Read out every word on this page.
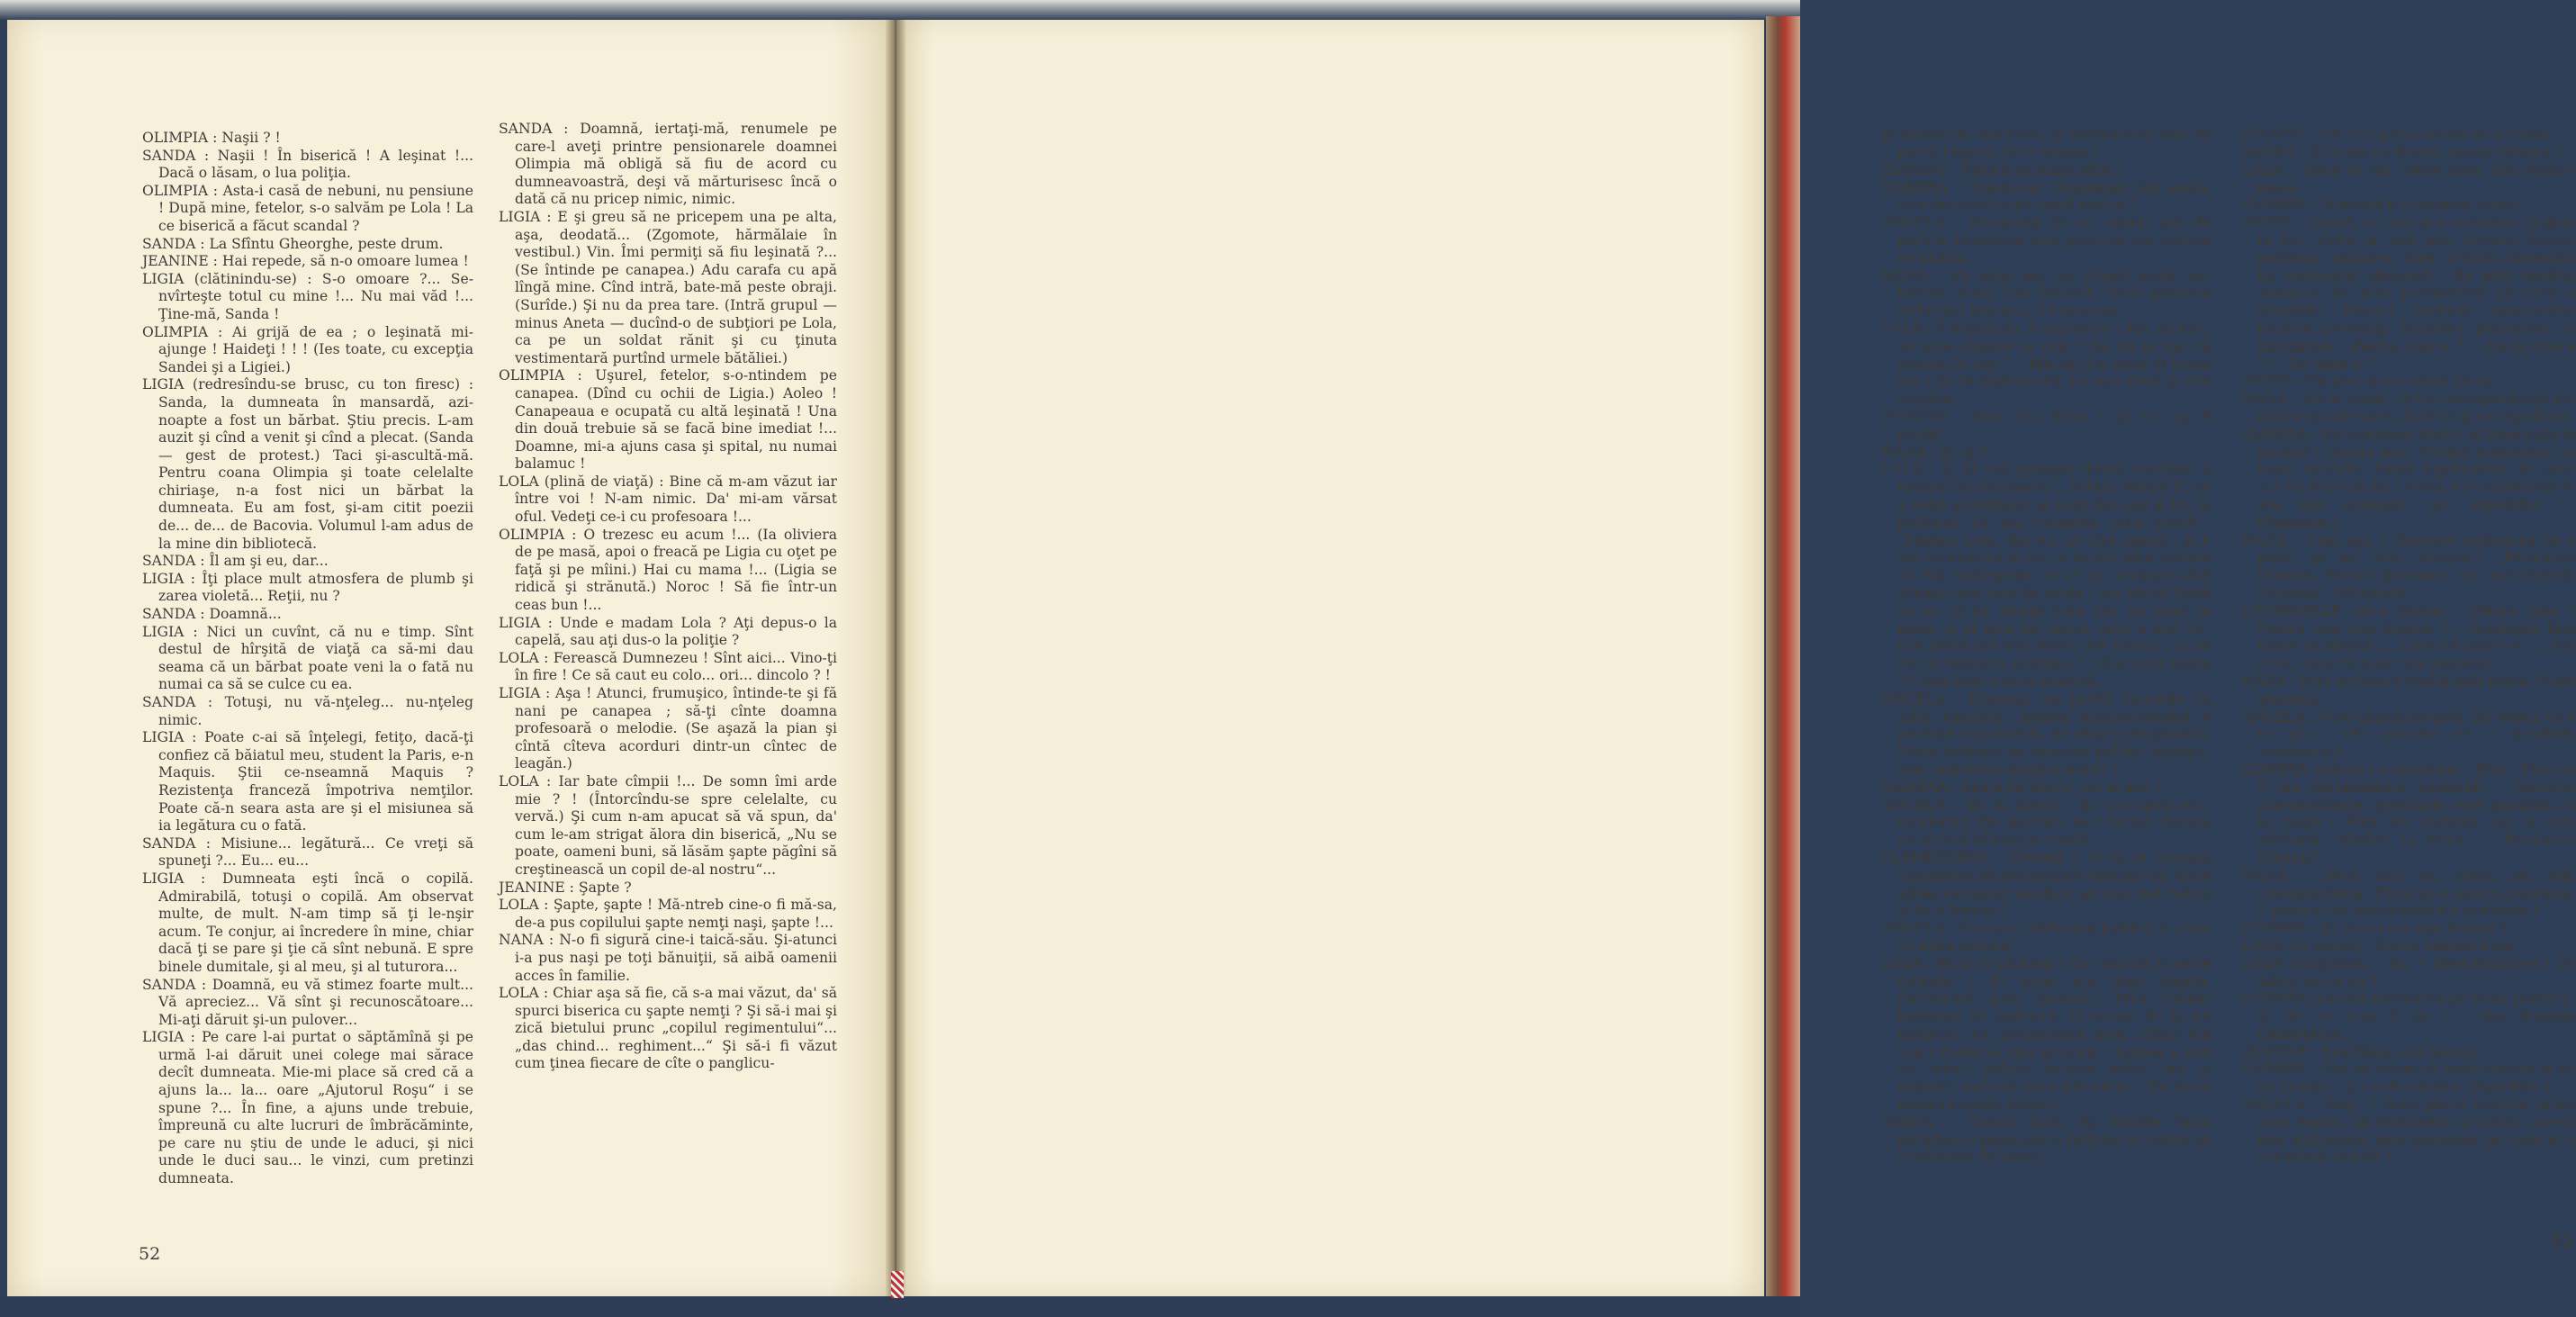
OLIMPIA : Naşii ? !

SANDA : Naşii ! În biserică ! A leşinat !... Dacă o lăsam, o lua poliţia.

OLIMPIA : Asta-i casă de nebuni, nu pensiune ! După mine, fetelor, s-o salvăm pe Lola ! La ce biserică a făcut scandal ?

SANDA : La Sfîntu Gheorghe, peste drum.

JEANINE : Hai repede, să n-o omoare lumea !

LIGIA (clătinindu-se) : S-o omoare ?... Se-nvîrteşte totul cu mine !... Nu mai văd !... Ţine-mă, Sanda !

OLIMPIA : Ai grijă de ea ; o leşinată mi-ajunge ! Haideţi ! ! ! (Ies toate, cu excepţia Sandei şi a Ligiei.)

LIGIA (redresîndu-se brusc, cu ton firesc) : Sanda, la dumneata în mansardă, azi-noapte a fost un bărbat. Ştiu precis. L-am auzit şi cînd a venit şi cînd a plecat. (Sanda — gest de protest.) Taci şi-ascultă-mă. Pentru coana Olimpia şi toate celelalte chiriaşe, n-a fost nici un bărbat la dumneata. Eu am fost, şi-am citit poezii de... de... de Bacovia. Volumul l-am adus de la mine din bibliotecă.

SANDA : Îl am şi eu, dar...

LIGIA : Îţi place mult atmosfera de plumb şi zarea violetă... Reţii, nu ?

SANDA : Doamnă...

LIGIA : Nici un cuvînt, că nu e timp. Sînt destul de hîrşită de viaţă ca să-mi dau seama că un bărbat poate veni la o fată nu numai ca să se culce cu ea.

SANDA : Totuşi, nu vă-nţeleg... nu-nţeleg nimic.

LIGIA : Poate c-ai să înţelegi, fetiţo, dacă-ţi confiez că băiatul meu, student la Paris, e-n Maquis. Ştii ce-nseamnă Maquis ? Rezistenţa franceză împotriva nemţilor. Poate că-n seara asta are şi el misiunea să ia legătura cu o fată.

SANDA : Misiune... legătură... Ce vreţi să spuneţi ?... Eu... eu...

LIGIA : Dumneata eşti încă o copilă. Admirabilă, totuşi o copilă. Am observat multe, de mult. N-am timp să ţi le-nşir acum. Te conjur, ai încredere în mine, chiar dacă ţi se pare şi ţie că sînt nebună. E spre binele dumitale, şi al meu, şi al tuturora...

SANDA : Doamnă, eu vă stimez foarte mult... Vă apreciez... Vă sînt şi recunoscătoare... Mi-aţi dăruit şi-un pulover...

LIGIA : Pe care l-ai purtat o săptămînă şi pe urmă l-ai dăruit unei colege mai sărace decît dumneata. Mie-mi place să cred că a ajuns la... la... oare „Ajutorul Roşu“ i se spune ?... În fine, a ajuns unde trebuie, împreună cu alte lucruri de îmbrăcăminte, pe care nu ştiu de unde le aduci, şi nici unde le duci sau... le vinzi, cum pretinzi dumneata.

SANDA : Doamnă, iertaţi-mă, renumele pe care-l aveţi printre pensionarele doamnei Olimpia mă obligă să fiu de acord cu dumneavoastră, deşi vă mărturisesc încă o dată că nu pricep nimic, nimic.

LIGIA : E şi greu să ne pricepem una pe alta, aşa, deodată... (Zgomote, hărmălaie în vestibul.) Vin. Îmi permiţi să fiu leşinată ?... (Se întinde pe canapea.) Adu carafa cu apă lîngă mine. Cînd intră, bate-mă peste obraji. (Surîde.) Şi nu da prea tare. (Intră grupul — minus Aneta — ducînd-o de subţiori pe Lola, ca pe un soldat rănit şi cu ţinuta vestimentară purtînd urmele bătăliei.)

OLIMPIA : Uşurel, fetelor, s-o-ntindem pe canapea. (Dînd cu ochii de Ligia.) Aoleo ! Canapeaua e ocupată cu altă leşinată ! Una din două trebuie să se facă bine imediat !... Doamne, mi-a ajuns casa şi spital, nu numai balamuc !

LOLA (plină de viaţă) : Bine că m-am văzut iar între voi ! N-am nimic. Da' mi-am vărsat oful. Vedeţi ce-i cu profesoara !...

OLIMPIA : O trezesc eu acum !... (Ia oliviera de pe masă, apoi o freacă pe Ligia cu oţet pe faţă şi pe mîini.) Hai cu mama !... (Ligia se ridică şi strănută.) Noroc ! Să fie într-un ceas bun !...

LIGIA : Unde e madam Lola ? Aţi depus-o la capelă, sau aţi dus-o la poliţie ?

LOLA : Ferească Dumnezeu ! Sînt aici... Vino-ţi în fire ! Ce să caut eu colo... ori... dincolo ? !

LIGIA : Aşa ! Atunci, frumuşico, întinde-te şi fă nani pe canapea ; să-ţi cînte doamna profesoară o melodie. (Se aşază la pian şi cîntă cîteva acorduri dintr-un cîntec de leagăn.)

LOLA : Iar bate cîmpii !... De somn îmi arde mie ? ! (Întorcîndu-se spre celelalte, cu vervă.) Şi cum n-am apucat să vă spun, da' cum le-am strigat ălora din biserică, „Nu se poate, oameni buni, să lăsăm şapte păgîni să creştinească un copil de-al nostru“...

JEANINE : Şapte ?

LOLA : Şapte, şapte ! Mă-ntreb cine-o fi mă-sa, de-a pus copilului şapte nemţi naşi, şapte !...

NANA : N-o fi sigură cine-i taică-său. Şi-atunci i-a pus naşi pe toţi bănuiţii, să aibă oamenii acces în familie.

LOLA : Chiar aşa să fie, că s-a mai văzut, da' să spurci biserica cu şapte nemţi ? Şi să-i mai şi zică bietului prunc „copilul regimentului“... „das chind... reghiment...“ Şi să-i fi văzut cum ţinea fiecare de cîte o panglicu-

52

ţă prinsă de luminare, şi mormolocul urla de parcă-i înjura. Şi ei rînjeau !...

JEANINE : Ăştia n-au nimic sfînt !

OLIMPIA : Trăsni-i-ar Dumnezeu din senin, cum au căzut ei pe capul nostru !

ANGELA : Nu-nţeleg de ce sînteţi atît de pornite împotriva unui gest, zic eu, extrem de amical.

NANA : Vă spun eu, au primit ordin să-l boteze, d-aia l-au botezat. Dacă primeau ordin să-l împuşte, îl împuşcau.

LOLA : Îl împuşcau, îl împuşcau ! Păi, să nu ţi se urce sîngele la cap ? Să nu le dai cu geanta în cap ?... Mie mi s-a urcat şi le-am dat ! Şi, la înghesuială, i-a mai altoit şi alte creştine.

JEANINE : Bine le-a făcut ! Şi eu i-aş fi pocnit...

NANA : Şi, şi ?

LOLA : Şi ăl mai grangur dintre nemţăloi a început să răcnească : „Poliţai. Poliţai !“, şi-a venit şi poliţaiul, şi i-am dat una şi lui, şi poliţaiul, că mă cunoştea, mi-a şoptit : „Madam Lola, sînt eu, nu sînt neamţ“, şi l-am recunoscut şi eu, şi mi-am adus aminte că mă înţelegeam cu el pe vremuri cînd aveam casa mea de mode ; am plecat trasă de el, şi pe stradă i-am pus un miar în mînă, şi el mi-a zis mersi. Asta a fost tot. (Cu tonul cel mai firesc din lume.) Ce ne dai de mîncare, Olimpio ?... N-a venit Aneta ? C-am lăsat-o să ia anafură...

ANGELA : Doamnă, nu priviţi lucrurile cu atîta uşurinţă. Ieşirea dumneavoastră e profund reprobabilă, ba chiar primejdioasă. Poate îmbrăca un caracter politic. Agitaţie, atac împotriva aliaţilor noştri !

OLIMPIA : Aliaţii lui dracu', nu ai mei !

ANGELA : Ba ai noştri ! Şi, v-o spun eu : incidentul din biserică nu-i închis. Nemţii nu se lasă călcaţi pe coadă.

CLEMENTINA : Credeţi ? O să le convină dumnealor să recunoască deschis că, după atîtea retrageri elastice, au mai fost bătuţi şi de-o femeie ?

ANGELA : Oricum, calificarea juridică e „atac cu mîna armată“.

LOLA : Ba şi cu piciorul ! Că i-am ars şi peste ţurloaie ! Şi arma era doar poşeta. (Scotocind prin geantă.) Mi-a crăpat bunătate de pudrieră. O aveam de la un ministru, cu monograma mea. (Dînd din cap.) Poate să zică ei orice ! Lumea a fost cu mine, poliţia închide ochii, am şi martori, inclusiv taica părintele... (În acest moment apare Aneta.)

ANETA : Coană Lolo, îţi trimite taica părintele o prescură, o farfurie cu colivă şi-o mărturie de botez.

JEANINE : Oh ! Ce poftă aveam de-o colivă !

SANDA : Ne-o dai ca desert, coană Olimpia ?

LOLA : Dacă le dai coliva mea, îmi scazi o masă.

OLIMPIA : Mănîncă-ţi-o singură, calico!

ANETA : Coană, ne sosi şi-o scrisoare. O găsii în hol, vîrîtă pe sub uşă. (Pentru fiecare personaj, primirea unei scrisori înseamnă un eveniment deosebit : fie prin ineditul situaţiei, fie prin perspectiva pe care o deschide. Reacţii conform caracterului fiecărui personaj. Întrebări precipitate şi înfrigurate. „Pentru cine e ?“, „De la cine e ?“, „De unde e ?“)

ANETA : Nu ştiu, n-are nume pe ea.

NANA : Nu se poate. Orice corespondenţă are măcar un adresant, dacă nu şi un expeditor.

OLIMPIA : Dă-o-ncoace, Aneto, şi pune supa la încălzit ! (Aneta iese. Privind scrisoarea, cu toate celelalte femei îngrămădite în jurul ei.) Ei, fir-ar să fie ! Nana, nu-i scrisoarea n-are nici adresant, nici expeditor !... (Rumoare.)

NANA : Cum aşa ? (Suceşte scrisoarea pe o parte şi pe alta. Citeşte.) „Pensiunea Olimpia. Pentru persoana cea mai demnă. Personal“. (Stupoare.)

LOCATARELE (de-a valma) : Pentru cine ? Pentru cea mai demnă ?... Scrisoare fără nume pe adresă ?... Cine o fi trimis-o ?... Aşa ceva, chiar că n-am mai pomenit !

NANA : Nu-i scrisoare venită prin poştă. N-are ştampilă.

ANGELA : Vreo glumă proastă. Să vedem ce e în plic... (Pe punctul de a deschide scrisoarea.)

OLIMPIA (luîndu-i scrisoarea) : Stai ! Punctul 9 din regulamentul pensiunii : „Secretul corespondenţei personale este garantat ca la poştă“. Pînă nu stabilim cui îi este adresată, rămîne la mine : „Pensiunea Olimpia“.

NANA : N-ai nici un drept să reţii corespondenţa. Plicul nu-i pentru pensiune. E pentru cea mai demnă din pensiune !

OLIMPIA : Şi, cine-i cea mai demnă ?

LIGIA (cu ironie) : Precis madam Lola.

LOLA (surprinsă) : Eu ? (Redresîndu-se.) Şi-adică, de ce nu ? !

OLIMPIA (sucind scrisoarea pe toate părţile) : Şi de ce n-aş fi eu ?... Sau doamna Clementina...

JEANINE : Sau Nana, sau Sanda...

OLIMPIA : Hai să zicem că toate sîntem la fel de demne... şi s-o deschidem. (Aprobări.)

ANGELA : Staţi ! Dacă plicul conţine totuşi ceva serios, un testament al cuiva, care-şi lasă milioanele unei persoane pe care el o consideră demnă ?

53
